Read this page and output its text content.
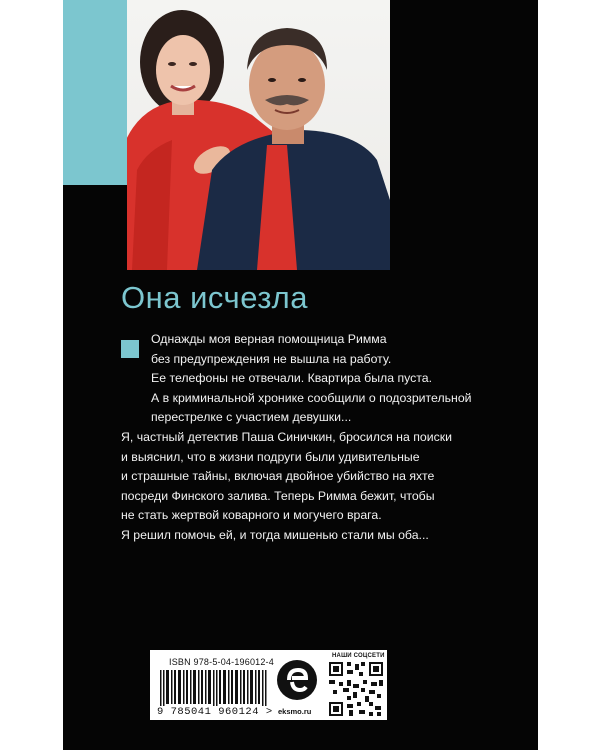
Она исчезла

Однажды моя верная помощница Римма
без предупреждения не вышла на работу.
Ее телефоны не отвечали. Квартира была пуста.
А в криминальной хронике сообщили о подозрительной
перестрелке с участием девушки...

Я, частный детектив Паша Синичкин, бросился на поиски
и выяснил, что в жизни подруги были удивительные
и страшные тайны, включая двойное убийство на яхте
посреди Финского залива. Теперь Римма бежит, чтобы
не стать жертвой коварного и могучего врага.
Я решил помочь ей, и тогда мишенью стали мы оба...

ISBN 978-5-04-196012-4
9 785041 960124 > eksmo.ru
НАШИ СОЦСЕТИ
